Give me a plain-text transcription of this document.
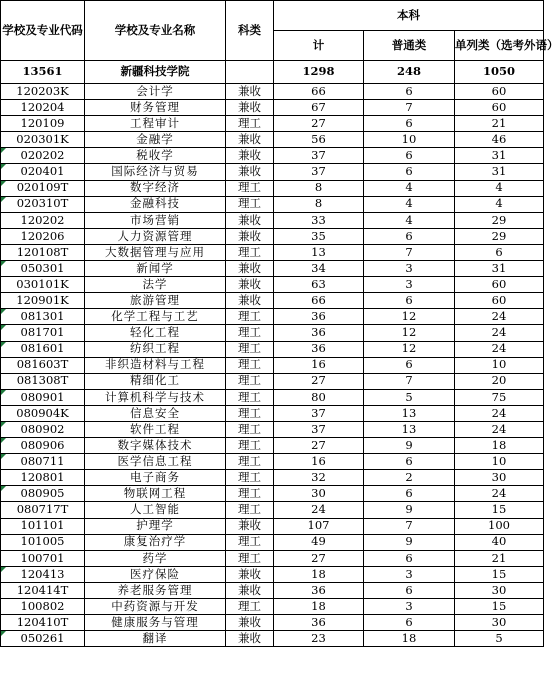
学校及专业代码	学校及专业名称	科类	本科		
			计	普通类	单列类（选考外语）
13561	新疆科技学院		1298	248	1050
120203K	会计学	兼收	66	6	60
120204	财务管理	兼收	67	7	60
120109	工程审计	理工	27	6	21
020301K	金融学	兼收	56	10	46

020202	税收学	兼收	37	6	31

020401	国际经济与贸易	兼收	37	6	31

020109T	数字经济	理工	8	4	4

020310T	金融科技	理工	8	4	4
120202	市场营销	兼收	33	4	29
120206	人力资源管理	兼收	35	6	29
120108T	大数据管理与应用	理工	13	7	6

050301	新闻学	兼收	34	3	31
030101K	法学	兼收	63	3	60
120901K	旅游管理	兼收	66	6	60

081301	化学工程与工艺	理工	36	12	24

081701	轻化工程	理工	36	12	24

081601	纺织工程	理工	36	12	24
081603T	非织造材料与工程	理工	16	6	10
081308T	精细化工	理工	27	7	20

080901	计算机科学与技术	理工	80	5	75
080904K	信息安全	理工	37	13	24

080902	软件工程	理工	37	13	24

080906	数字媒体技术	理工	27	9	18

080711	医学信息工程	理工	16	6	10
120801	电子商务	理工	32	2	30

080905	物联网工程	理工	30	6	24
080717T	人工智能	理工	24	9	15
101101	护理学	兼收	107	7	100
101005	康复治疗学	理工	49	9	40
100701	药学	理工	27	6	21

120413	医疗保险	兼收	18	3	15
120414T	养老服务管理	兼收	36	6	30
100802	中药资源与开发	理工	18	3	15
120410T	健康服务与管理	兼收	36	6	30

050261	翻译	兼收	23	18	5
